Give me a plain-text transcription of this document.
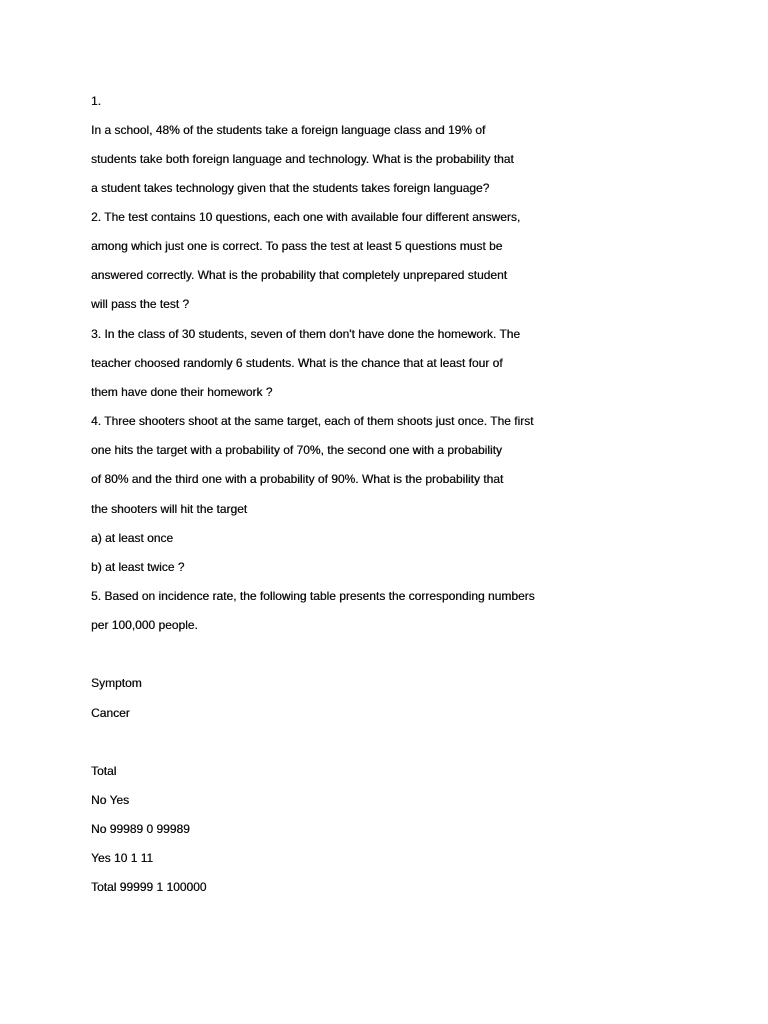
1.
In a school, 48% of the students take a foreign language class and 19% of
students take both foreign language and technology. What is the probability that
a student takes technology given that the students takes foreign language?
2. The test contains 10 questions, each one with available four different answers,
among which just one is correct. To pass the test at least 5 questions must be
answered correctly. What is the probability that completely unprepared student
will pass the test ?
3. In the class of 30 students, seven of them don't have done the homework. The
teacher choosed randomly 6 students. What is the chance that at least four of
them have done their homework ?
4. Three shooters shoot at the same target, each of them shoots just once. The first
one hits the target with a probability of 70%, the second one with a probability
of 80% and the third one with a probability of 90%. What is the probability that
the shooters will hit the target
a) at least once
b) at least twice ?
5. Based on incidence rate, the following table presents the corresponding numbers
per 100,000 people.
Symptom
Cancer
Total
No Yes
No 99989 0 99989
Yes 10 1 11
Total 99999 1 100000
